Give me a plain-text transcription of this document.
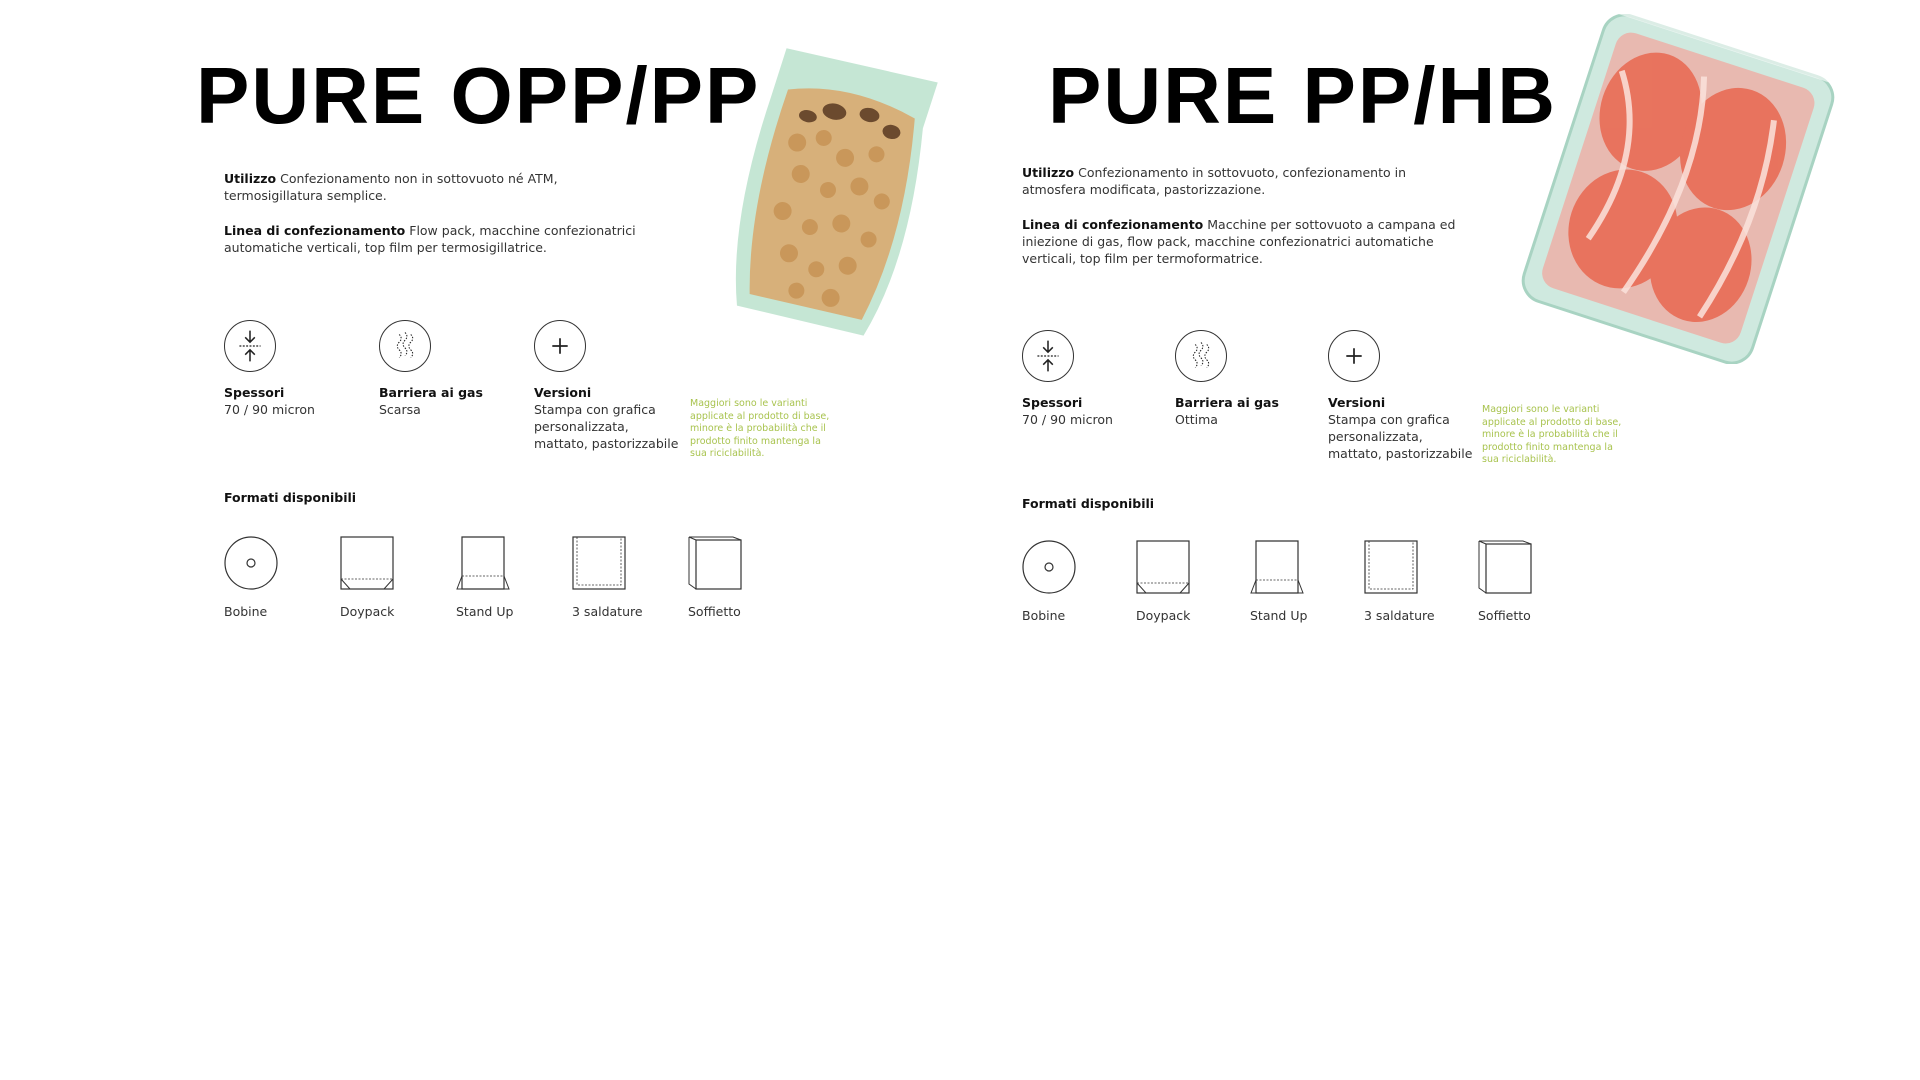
PURE OPP/PP

Utilizzo Confezionamento non in sottovuoto né ATM, termosigillatura semplice.

Linea di confezionamento Flow pack, macchine confezionatrici automatiche verticali, top film per termosigillatrice.

Spessori
70 / 90 micron
Barriera ai gas
Scarsa
Versioni
Stampa con grafica personalizzata, mattato, pastorizzabile
Maggiori sono le varianti applicate al prodotto di base, minore è la probabilità che il prodotto finito mantenga la sua riciclabilità.
Formati disponibili
Bobine	Doypack	Stand Up	3 saldature	Soffietto
PURE PP/HB

Utilizzo Confezionamento in sottovuoto, confezionamento in atmosfera modificata, pastorizzazione.

Linea di confezionamento Macchine per sottovuoto a campana ed iniezione di gas, flow pack, macchine confezionatrici automatiche verticali, top film per termoformatrice.

Spessori
70 / 90 micron
Barriera ai gas
Ottima
Versioni
Stampa con grafica personalizzata, mattato, pastorizzabile
Maggiori sono le varianti applicate al prodotto di base, minore è la probabilità che il prodotto finito mantenga la sua riciclabilità.
Formati disponibili
Bobine	Doypack	Stand Up	3 saldature	Soffietto
